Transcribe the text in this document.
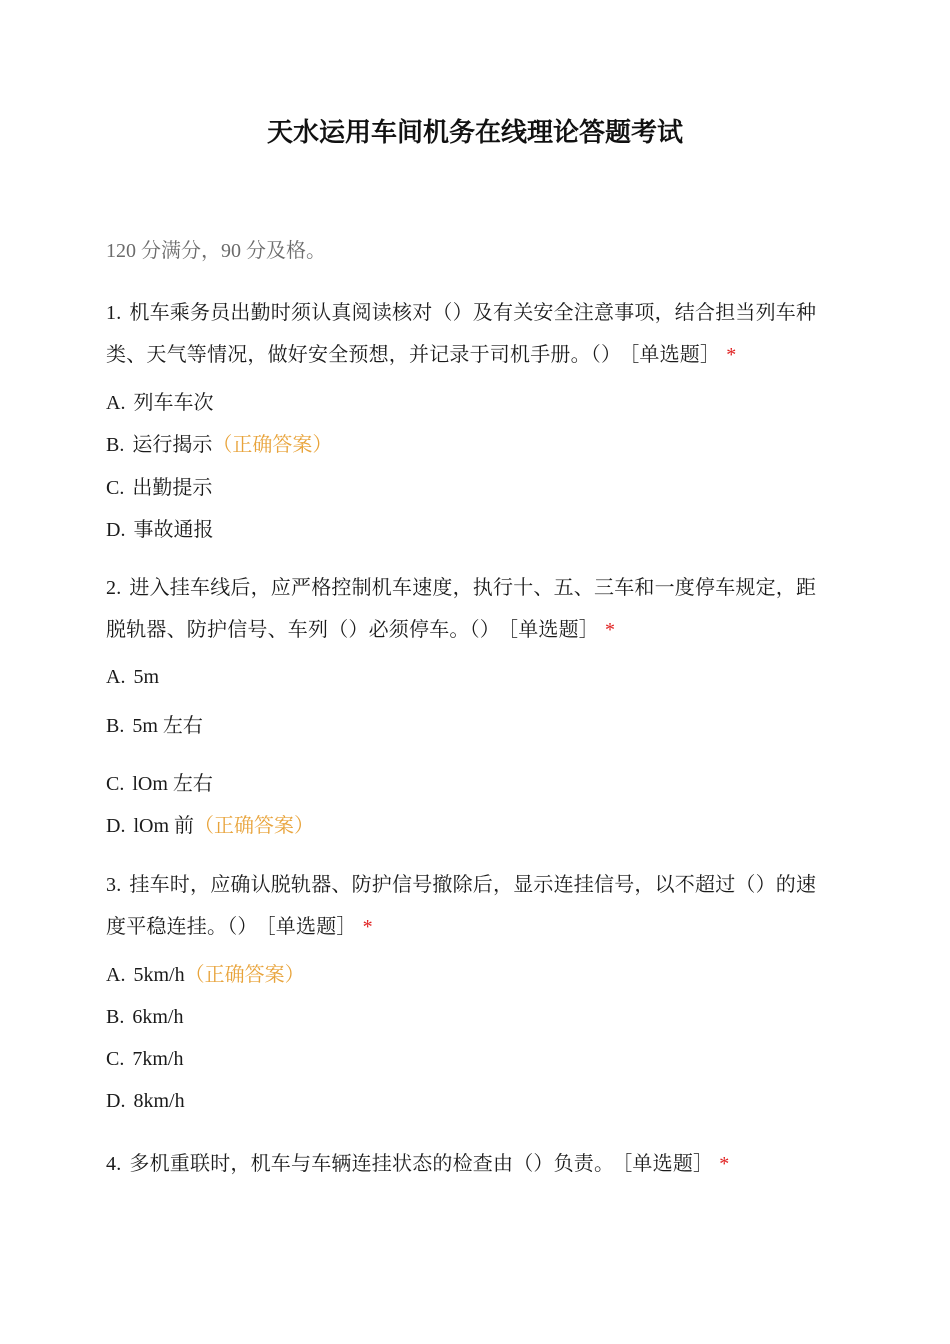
天水运用车间机务在线理论答题考试
120 分满分，90 分及格。
1. 机车乘务员出勤时须认真阅读核对（）及有关安全注意事项，结合担当列车种
类、天气等情况，做好安全预想，并记录于司机手册。（） ［单选题］ *
A. 列车车次
B. 运行揭示（正确答案）
C. 出勤提示
D. 事故通报
2. 进入挂车线后，应严格控制机车速度，执行十、五、三车和一度停车规定，距
脱轨器、防护信号、车列（）必须停车。（） ［单选题］ *
A. 5m
B. 5m 左右
C. lOm 左右
D. lOm 前（正确答案）
3. 挂车时，应确认脱轨器、防护信号撤除后，显示连挂信号，以不超过（）的速
度平稳连挂。（） ［单选题］ *
A. 5km/h（正确答案）
B. 6km/h
C. 7km/h
D. 8km/h
4. 多机重联时，机车与车辆连挂状态的检查由（）负责。 ［单选题］ *
